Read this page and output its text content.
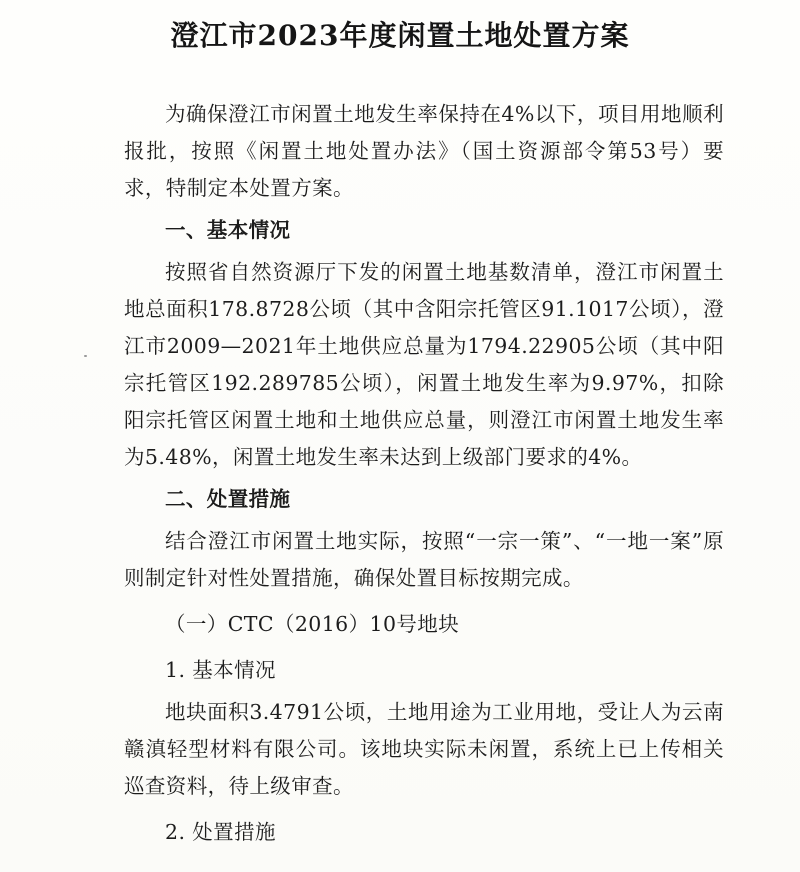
澄江市2023年度闲置土地处置方案

为确保澄江市闲置土地发生率保持在4%以下，项目用地顺利报批，按照《闲置土地处置办法》（国土资源部令第53号）要求，特制定本处置方案。

一、基本情况

按照省自然资源厅下发的闲置土地基数清单，澄江市闲置土地总面积178.8728公顷（其中含阳宗托管区91.1017公顷），澄江市2009—2021年土地供应总量为1794.22905公顷（其中阳宗托管区192.289785公顷），闲置土地发生率为9.97%，扣除阳宗托管区闲置土地和土地供应总量，则澄江市闲置土地发生率为5.48%，闲置土地发生率未达到上级部门要求的4%。

二、处置措施

结合澄江市闲置土地实际，按照“一宗一策”、“一地一案”原则制定针对性处置措施，确保处置目标按期完成。

（一）CTC（2016）10号地块

1. 基本情况

地块面积3.4791公顷，土地用途为工业用地，受让人为云南赣滇轻型材料有限公司。该地块实际未闲置，系统上已上传相关巡查资料，待上级审查。

2. 处置措施
